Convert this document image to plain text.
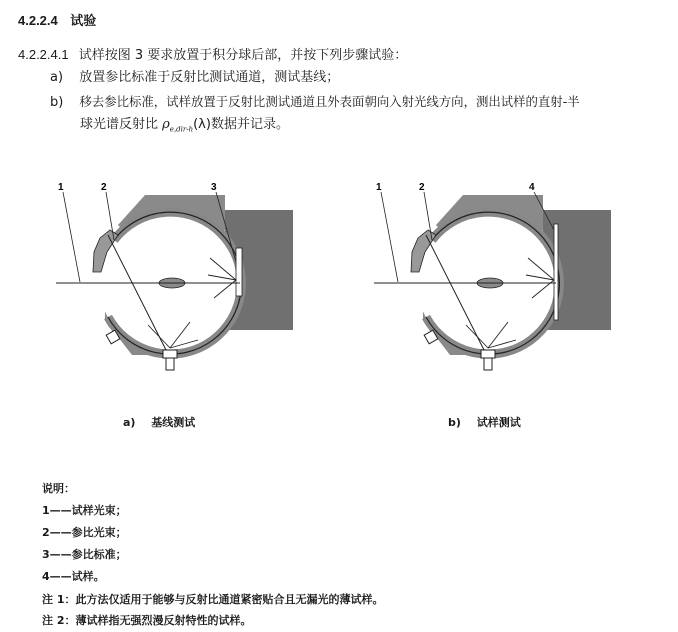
4.2.2.4 试验
4.2.2.4.1 试样按图 3 要求放置于积分球后部，并按下列步骤试验：
a) 放置参比标准于反射比测试通道，测试基线；
b) 移去参比标准，试样放置于反射比测试通道且外表面朝向入射光线方向，测出试样的直射-半
球光谱反射比 $\rho_{e,dir-h}(\lambda)$数据并记录。
1	2	3	1	2	4
a) 基线测试	b) 试样测试
说明：
1——试样光束；
2——参比光束；
3——参比标准；
4——试样。
注 1：此方法仅适用于能够与反射比通道紧密贴合且无漏光的薄试样。
注 2：薄试样指无强烈漫反射特性的试样。
